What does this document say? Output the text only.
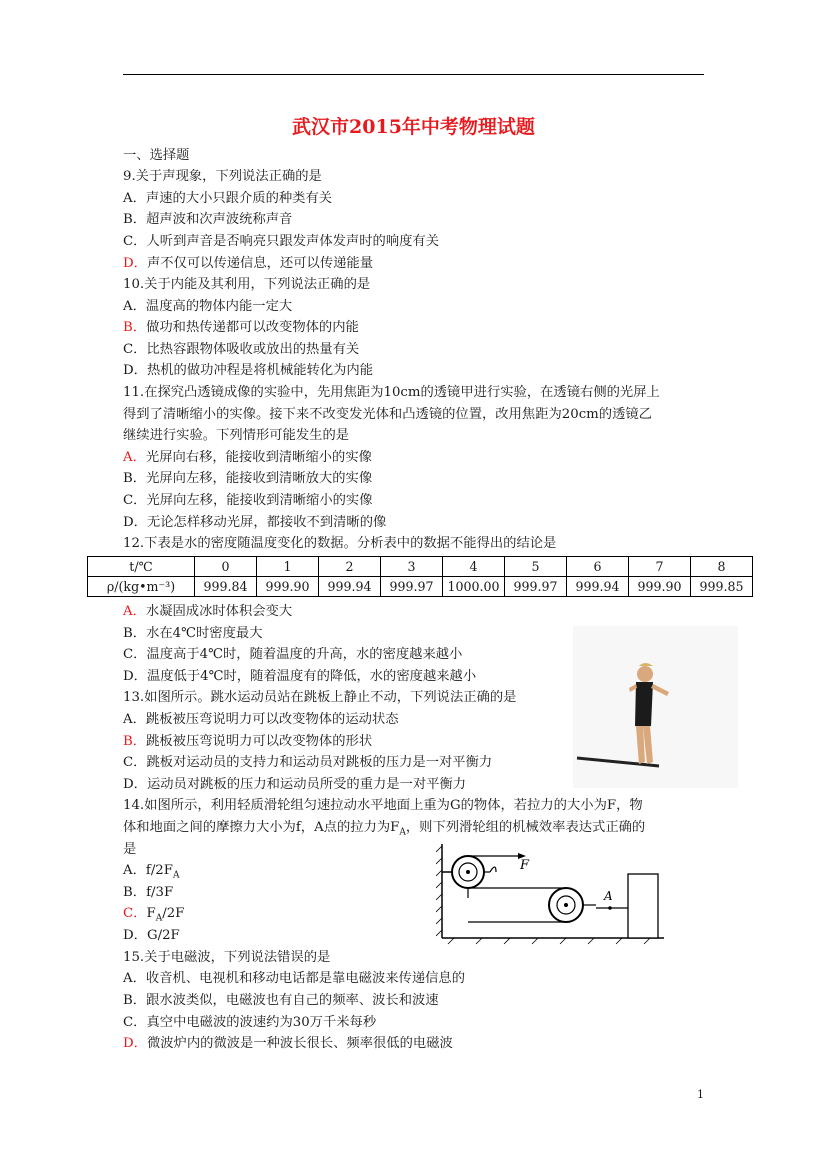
武汉市2015年中考物理试题
一、选择题
9.关于声现象，下列说法正确的是
A．声速的大小只跟介质的种类有关
B．超声波和次声波统称声音
C．人听到声音是否响亮只跟发声体发声时的响度有关
D．声不仅可以传递信息，还可以传递能量
10.关于内能及其利用，下列说法正确的是
A．温度高的物体内能一定大
B．做功和热传递都可以改变物体的内能
C．比热容跟物体吸收或放出的热量有关
D．热机的做功冲程是将机械能转化为内能
11.在探究凸透镜成像的实验中，先用焦距为10cm的透镜甲进行实验，在透镜右侧的光屏上
得到了清晰缩小的实像。接下来不改变发光体和凸透镜的位置，改用焦距为20cm的透镜乙
继续进行实验。下列情形可能发生的是
A．光屏向右移，能接收到清晰缩小的实像
B．光屏向左移，能接收到清晰放大的实像
C．光屏向左移，能接收到清晰缩小的实像
D．无论怎样移动光屏，都接收不到清晰的像
12.下表是水的密度随温度变化的数据。分析表中的数据不能得出的结论是
t/℃	0	1	2	3	4	5	6	7	8
ρ/(kg•m⁻³)	999.84	999.90	999.94	999.97	1000.00	999.97	999.94	999.90	999.85
A．水凝固成冰时体积会变大
B．水在4℃时密度最大
C．温度高于4℃时，随着温度的升高，水的密度越来越小
D．温度低于4℃时，随着温度有的降低，水的密度越来越小
13.如图所示。跳水运动员站在跳板上静止不动，下列说法正确的是
A．跳板被压弯说明力可以改变物体的运动状态
B．跳板被压弯说明力可以改变物体的形状
C．跳板对运动员的支持力和运动员对跳板的压力是一对平衡力
D．运动员对跳板的压力和运动员所受的重力是一对平衡力
14.如图所示，利用轻质滑轮组匀速拉动水平地面上重为G的物体，若拉力的大小为F，物
体和地面之间的摩擦力大小为f，A点的拉力为$F_A$，则下列滑轮组的机械效率表达式正确的
是
A．$f/2F_A$
B．f/3F
C．$F_A/2F$
D．G/2F
F
A
15.关于电磁波，下列说法错误的是
A．收音机、电视机和移动电话都是靠电磁波来传递信息的
B．跟水波类似，电磁波也有自己的频率、波长和波速
C．真空中电磁波的波速约为30万千米每秒
D．微波炉内的微波是一种波长很长、频率很低的电磁波
1
